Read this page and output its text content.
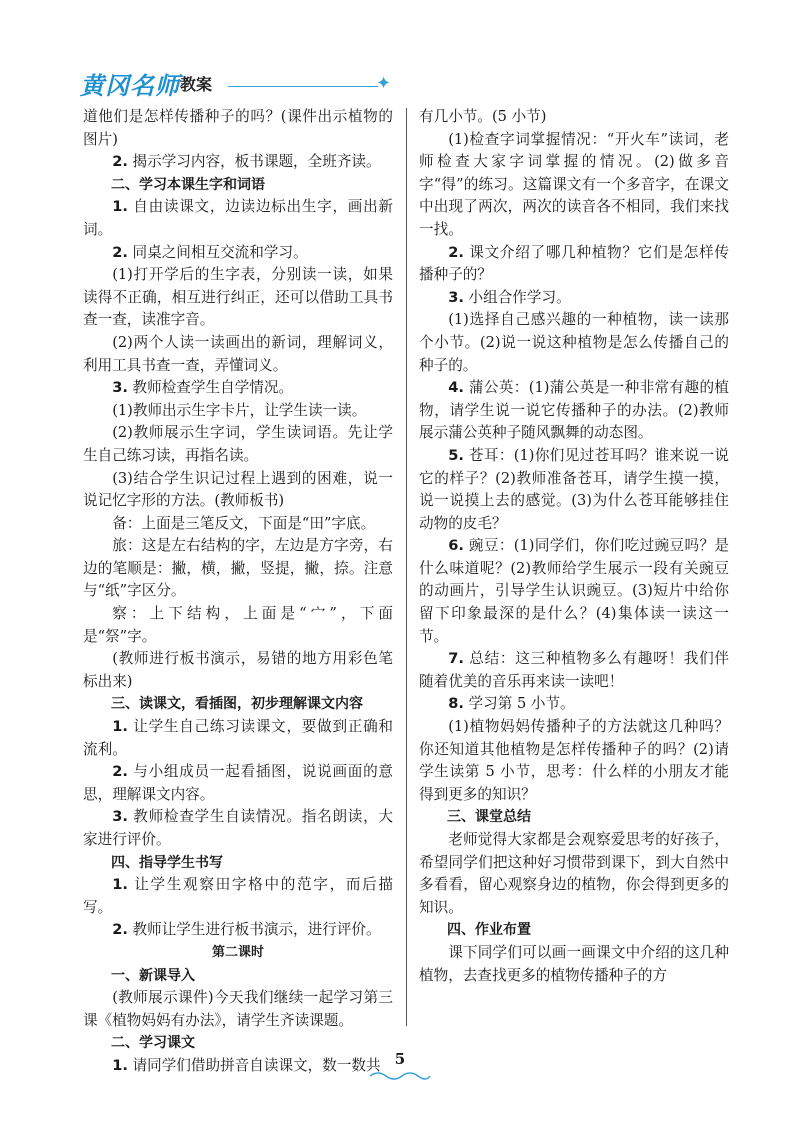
黄冈名师 教案	✦

道他们是怎样传播种子的吗？(课件出示植物的图片)

2. 揭示学习内容，板书课题，全班齐读。

二、学习本课生字和词语

1. 自由读课文，边读边标出生字，画出新词。

2. 同桌之间相互交流和学习。

(1)打开学后的生字表，分别读一读，如果读得不正确，相互进行纠正，还可以借助工具书查一查，读准字音。

(2)两个人读一读画出的新词，理解词义，利用工具书查一查，弄懂词义。

3. 教师检查学生自学情况。

(1)教师出示生字卡片，让学生读一读。

(2)教师展示生字词，学生读词语。先让学生自己练习读，再指名读。

(3)结合学生识记过程上遇到的困难，说一说记忆字形的方法。(教师板书)

备：上面是三笔反文，下面是“田”字底。

旅：这是左右结构的字，左边是方字旁，右边的笔顺是：撇，横，撇，竖提，撇，捺。注意与“纸”字区分。

察：上下结构，上面是“宀”，下面是“祭”字。

(教师进行板书演示，易错的地方用彩色笔标出来)

三、读课文，看插图，初步理解课文内容

1. 让学生自己练习读课文，要做到正确和流利。

2. 与小组成员一起看插图，说说画面的意思，理解课文内容。

3. 教师检查学生自读情况。指名朗读，大家进行评价。

四、指导学生书写

1. 让学生观察田字格中的范字，而后描写。

2. 教师让学生进行板书演示，进行评价。

第二课时

一、新课导入

(教师展示课件)今天我们继续一起学习第三课《植物妈妈有办法》，请学生齐读课题。

二、学习课文

1. 请同学们借助拼音自读课文，数一数共

有几小节。(5 小节)

(1)检查字词掌握情况：“开火车”读词，老师检查大家字词掌握的情况。(2)做多音字“得”的练习。这篇课文有一个多音字，在课文中出现了两次，两次的读音各不相同，我们来找一找。

2. 课文介绍了哪几种植物？它们是怎样传播种子的？

3. 小组合作学习。

(1)选择自己感兴趣的一种植物，读一读那个小节。(2)说一说这种植物是怎么传播自己的种子的。

4. 蒲公英：(1)蒲公英是一种非常有趣的植物，请学生说一说它传播种子的办法。(2)教师展示蒲公英种子随风飘舞的动态图。

5. 苍耳：(1)你们见过苍耳吗？谁来说一说它的样子？(2)教师准备苍耳，请学生摸一摸，说一说摸上去的感觉。(3)为什么苍耳能够挂住动物的皮毛？

6. 豌豆：(1)同学们，你们吃过豌豆吗？是什么味道呢？(2)教师给学生展示一段有关豌豆的动画片，引导学生认识豌豆。(3)短片中给你留下印象最深的是什么？(4)集体读一读这一节。

7. 总结：这三种植物多么有趣呀！我们伴随着优美的音乐再来读一读吧！

8. 学习第 5 小节。

(1)植物妈妈传播种子的方法就这几种吗？你还知道其他植物是怎样传播种子的吗？(2)请学生读第 5 小节，思考：什么样的小朋友才能得到更多的知识？

三、课堂总结

老师觉得大家都是会观察爱思考的好孩子，希望同学们把这种好习惯带到课下，到大自然中多看看，留心观察身边的植物，你会得到更多的知识。

四、作业布置

课下同学们可以画一画课文中介绍的这几种植物，去查找更多的植物传播种子的方

5
